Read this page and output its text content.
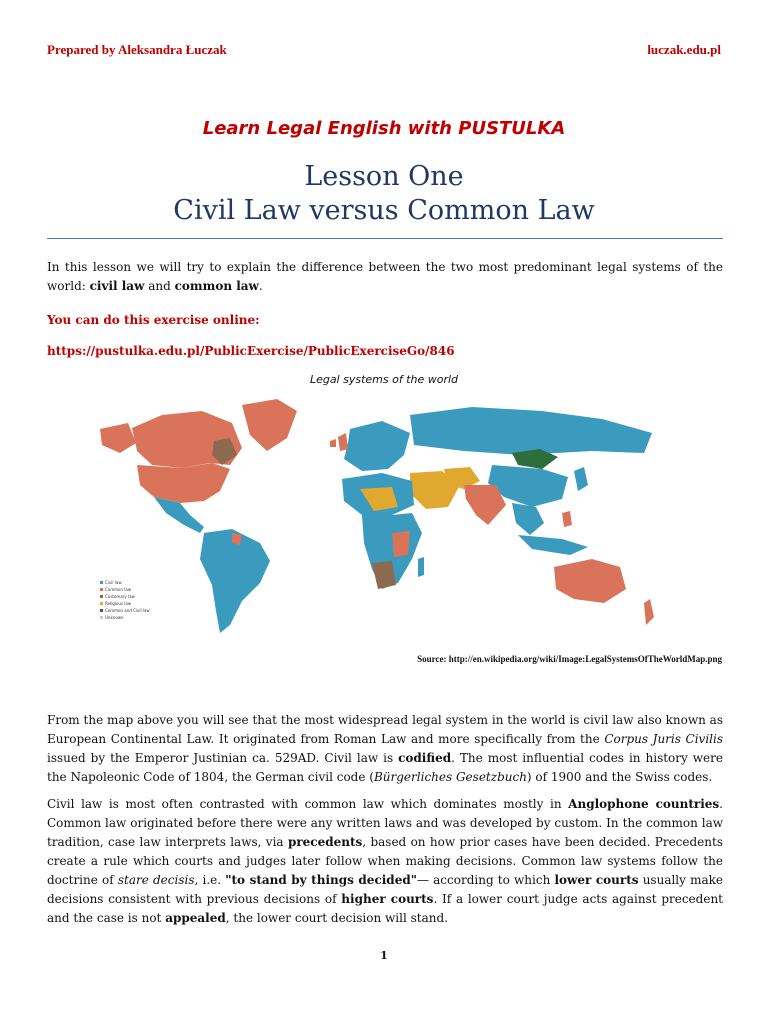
Prepared by Aleksandra Łuczak	luczak.edu.pl
Learn Legal English with PUSTULKA
Lesson One
Civil Law versus Common Law
In this lesson we will try to explain the difference between the two most predominant legal systems of the world: civil law and common law.
You can do this exercise online:
https://pustulka.edu.pl/PublicExercise/PublicExerciseGo/846
Legal systems of the world
Civil law
Common law
Customary law
Religious law
Common and Civil law
Unknown
Source: http://en.wikipedia.org/wiki/Image:LegalSystemsOfTheWorldMap.png
From the map above you will see that the most widespread legal system in the world is civil law also known as European Continental Law. It originated from Roman Law and more specifically from the Corpus Juris Civilis issued by the Emperor Justinian ca. 529AD. Civil law is codified. The most influential codes in history were the Napoleonic Code of 1804, the German civil code (Bürgerliches Gesetzbuch) of 1900 and the Swiss codes.
Civil law is most often contrasted with common law which dominates mostly in Anglophone countries. Common law originated before there were any written laws and was developed by custom. In the common law tradition, case law interprets laws, via precedents, based on how prior cases have been decided. Precedents create a rule which courts and judges later follow when making decisions. Common law systems follow the doctrine of stare decisis, i.e. "to stand by things decided"— according to which lower courts usually make decisions consistent with previous decisions of higher courts. If a lower court judge acts against precedent and the case is not appealed, the lower court decision will stand.
1
